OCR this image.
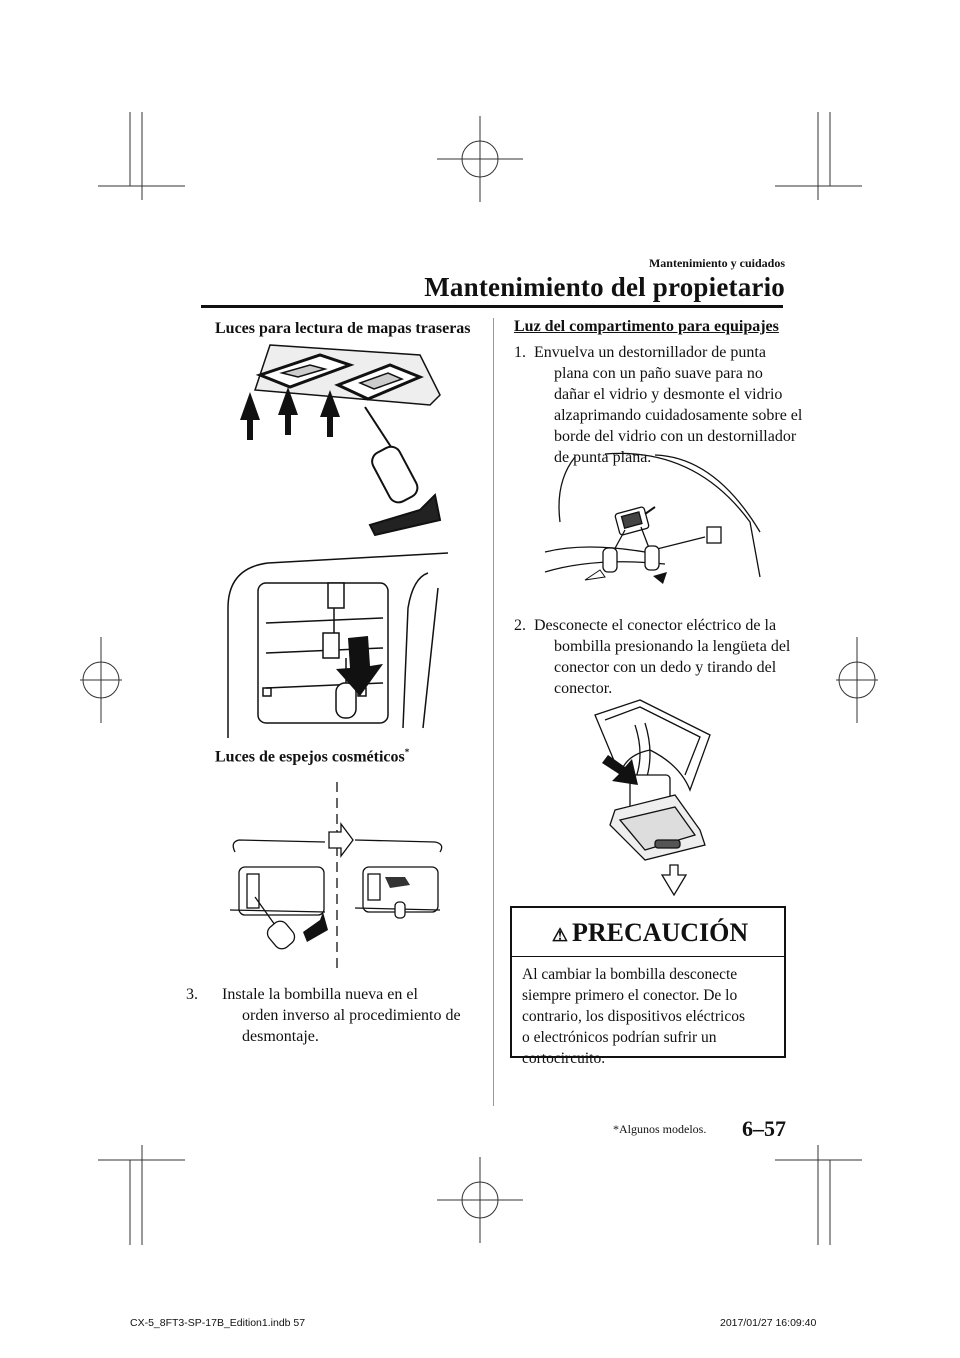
Mantenimiento y cuidados
Mantenimiento del propietario
Luces para lectura de mapas traseras
Luces de espejos cosméticos*
3. Instale la bombilla nueva en el
orden inverso al procedimiento de
desmontaje.
Luz del compartimento para equipajes
1. Envuelva un destornillador de punta
plana con un paño suave para no
dañar el vidrio y desmonte el vidrio
alzaprimando cuidadosamente sobre el
borde del vidrio con un destornillador
de punta plana.
2. Desconecte el conector eléctrico de la
bombilla presionando la lengüeta del
conector con un dedo y tirando del
conector.
⚠ PRECAUCIÓN
Al cambiar la bombilla desconecte
siempre primero el conector. De lo
contrario, los dispositivos eléctricos
o electrónicos podrían sufrir un
cortocircuito.
*Algunos modelos. 6–57
CX-5_8FT3-SP-17B_Edition1.indb 57	2017/01/27 16:09:40
